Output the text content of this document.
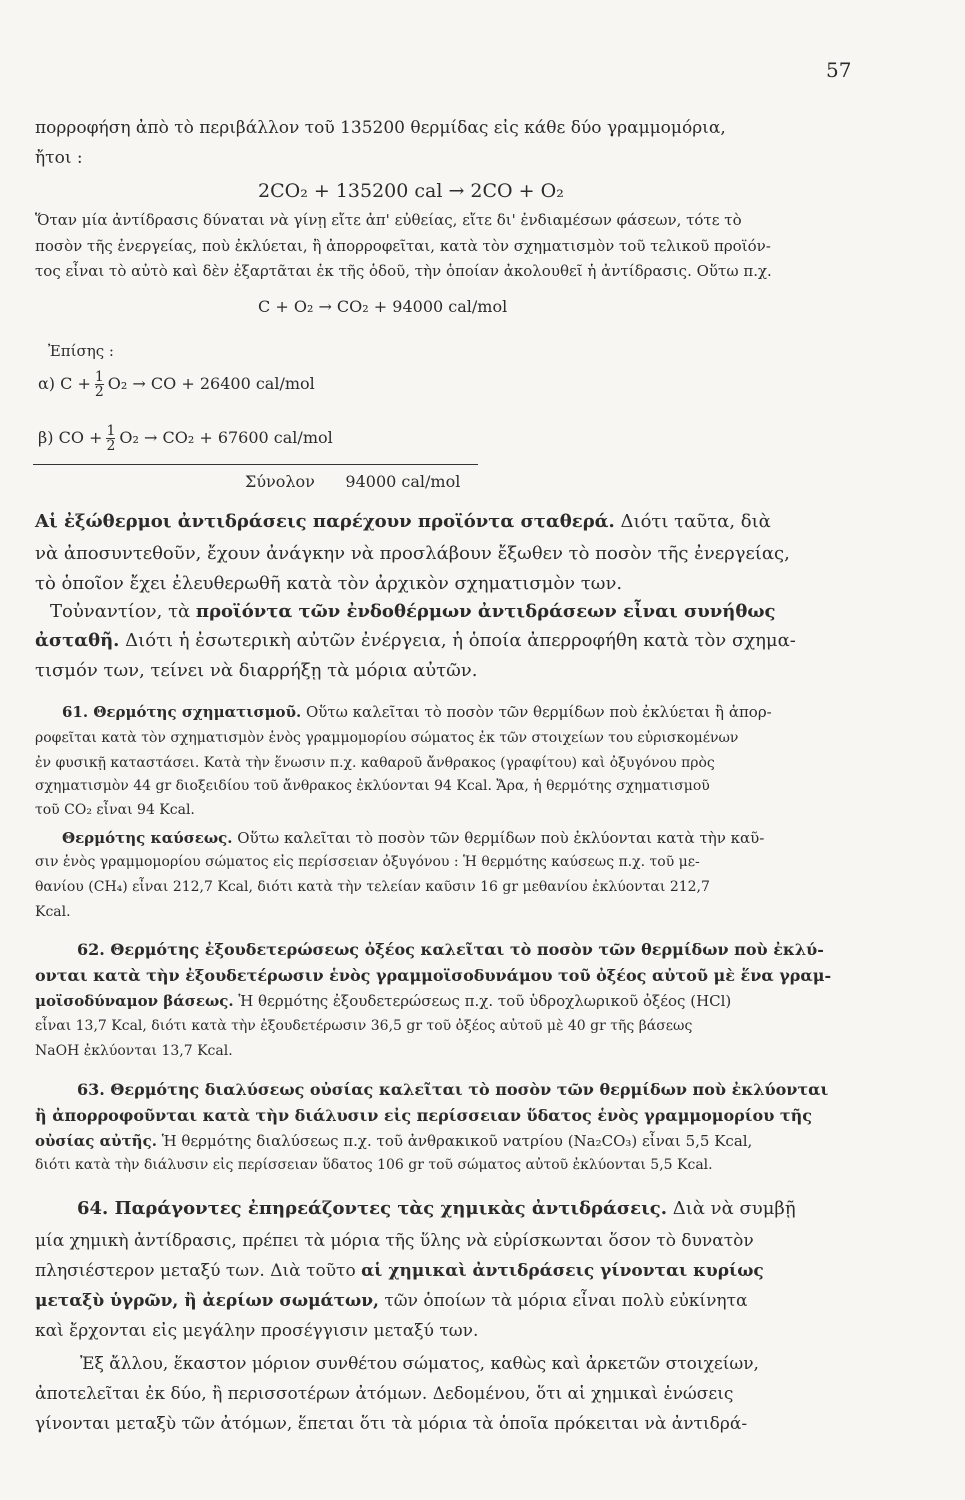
57
πορροφήση ἀπὸ τὸ περιβάλλον τοῦ 135200 θερμίδας εἰς κάθε δύο γραμμομόρια,
ἤτοι :
2CO₂ + 135200 cal → 2CO + O₂
Ὅταν μία ἀντίδρασις δύναται νὰ γίνῃ εἴτε ἀπ' εὐθείας, εἴτε δι' ἐνδιαμέσων φάσεων, τότε τὸ
ποσὸν τῆς ἐνεργείας, ποὺ ἐκλύεται, ἢ ἀπορροφεῖται, κατὰ τὸν σχηματισμὸν τοῦ τελικοῦ προϊόν-
τος εἶναι τὸ αὐτὸ καὶ δὲν ἐξαρτᾶται ἐκ τῆς ὁδοῦ, τὴν ὁποίαν ἀκολουθεῖ ἡ ἀντίδρασις. Οὕτω π.χ.
C + O₂ → CO₂ + 94000 cal/mol
Ἐπίσης :
α) $C + \frac{1}{2} O_2$ → CO + 26400 cal/mol
β) CO + $\frac{1}{2} O_2 \to CO_2 + 67600$ cal/mol
Σύνολον 94000 cal/mol
Αἱ ἐξώθερμοι ἀντιδράσεις παρέχουν προϊόντα σταθερά. Διότι ταῦτα, διὰ
νὰ ἀποσυντεθοῦν, ἔχουν ἀνάγκην νὰ προσλάβουν ἔξωθεν τὸ ποσὸν τῆς ἐνεργείας,
τὸ ὁποῖον ἔχει ἐλευθερωθῆ κατὰ τὸν ἀρχικὸν σχηματισμὸν των.
Τοὐναντίον, τὰ προϊόντα τῶν ἐνδοθέρμων ἀντιδράσεων εἶναι συνήθως
ἀσταθῆ. Διότι ἡ ἐσωτερικὴ αὐτῶν ἐνέργεια, ἡ ὁποία ἀπερροφήθη κατὰ τὸν σχημα-
τισμόν των, τείνει νὰ διαρρήξῃ τὰ μόρια αὐτῶν.
61. Θερμότης σχηματισμοῦ. Οὕτω καλεῖται τὸ ποσὸν τῶν θερμίδων ποὺ ἐκλύεται ἢ ἀπορ-
ροφεῖται κατὰ τὸν σχηματισμὸν ἑνὸς γραμμομορίου σώματος ἐκ τῶν στοιχείων του εὑρισκομένων
ἐν φυσικῇ καταστάσει. Κατὰ τὴν ἕνωσιν π.χ. καθαροῦ ἄνθρακος (γραφίτου) καὶ ὀξυγόνου πρὸς
σχηματισμὸν 44 gr διοξειδίου τοῦ ἄνθρακος ἐκλύονται 94 Kcal. Ἄρα, ἡ θερμότης σχηματισμοῦ
τοῦ CO₂ εἶναι 94 Kcal.
Θερμότης καύσεως. Οὕτω καλεῖται τὸ ποσὸν τῶν θερμίδων ποὺ ἐκλύονται κατὰ τὴν καῦ-
σιν ἑνὸς γραμμομορίου σώματος εἰς περίσσειαν ὀξυγόνου : Ἡ θερμότης καύσεως π.χ. τοῦ με-
θανίου (CH₄) εἶναι 212,7 Kcal, διότι κατὰ τὴν τελείαν καῦσιν 16 gr μεθανίου ἐκλύονται 212,7
Kcal.
62. Θερμότης ἐξουδετερώσεως ὀξέος καλεῖται τὸ ποσὸν τῶν θερμίδων ποὺ ἐκλύ-
ονται κατὰ τὴν ἐξουδετέρωσιν ἑνὸς γραμμοϊσοδυνάμου τοῦ ὀξέος αὐτοῦ μὲ ἕνα γραμ-
μοϊσοδύναμον βάσεως. Ἡ θερμότης ἐξουδετερώσεως π.χ. τοῦ ὑδροχλωρικοῦ ὀξέος (HCl)
εἶναι 13,7 Kcal, διότι κατὰ τὴν ἐξουδετέρωσιν 36,5 gr τοῦ ὀξέος αὐτοῦ μὲ 40 gr τῆς βάσεως
NaOH ἐκλύονται 13,7 Kcal.
63. Θερμότης διαλύσεως οὐσίας καλεῖται τὸ ποσὸν τῶν θερμίδων ποὺ ἐκλύονται
ἢ ἀπορροφοῦνται κατὰ τὴν διάλυσιν εἰς περίσσειαν ὕδατος ἑνὸς γραμμομορίου τῆς
οὐσίας αὐτῆς. Ἡ θερμότης διαλύσεως π.χ. τοῦ ἀνθρακικοῦ νατρίου (Na₂CO₃) εἶναι 5,5 Kcal,
διότι κατὰ τὴν διάλυσιν εἰς περίσσειαν ὕδατος 106 gr τοῦ σώματος αὐτοῦ ἐκλύονται 5,5 Kcal.
64. Παράγοντες ἐπηρεάζοντες τὰς χημικὰς ἀντιδράσεις. Διὰ νὰ συμβῇ
μία χημικὴ ἀντίδρασις, πρέπει τὰ μόρια τῆς ὕλης νὰ εὑρίσκωνται ὅσον τὸ δυνατὸν
πλησιέστερον μεταξύ των. Διὰ τοῦτο αἱ χημικαὶ ἀντιδράσεις γίνονται κυρίως
μεταξὺ ὑγρῶν, ἢ ἀερίων σωμάτων, τῶν ὁποίων τὰ μόρια εἶναι πολὺ εὐκίνητα
καὶ ἔρχονται εἰς μεγάλην προσέγγισιν μεταξύ των.
Ἐξ ἄλλου, ἕκαστον μόριον συνθέτου σώματος, καθὼς καὶ ἀρκετῶν στοιχείων,
ἀποτελεῖται ἐκ δύο, ἢ περισσοτέρων ἀτόμων. Δεδομένου, ὅτι αἱ χημικαὶ ἑνώσεις
γίνονται μεταξὺ τῶν ἀτόμων, ἕπεται ὅτι τὰ μόρια τὰ ὁποῖα πρόκειται νὰ ἀντιδρά-
